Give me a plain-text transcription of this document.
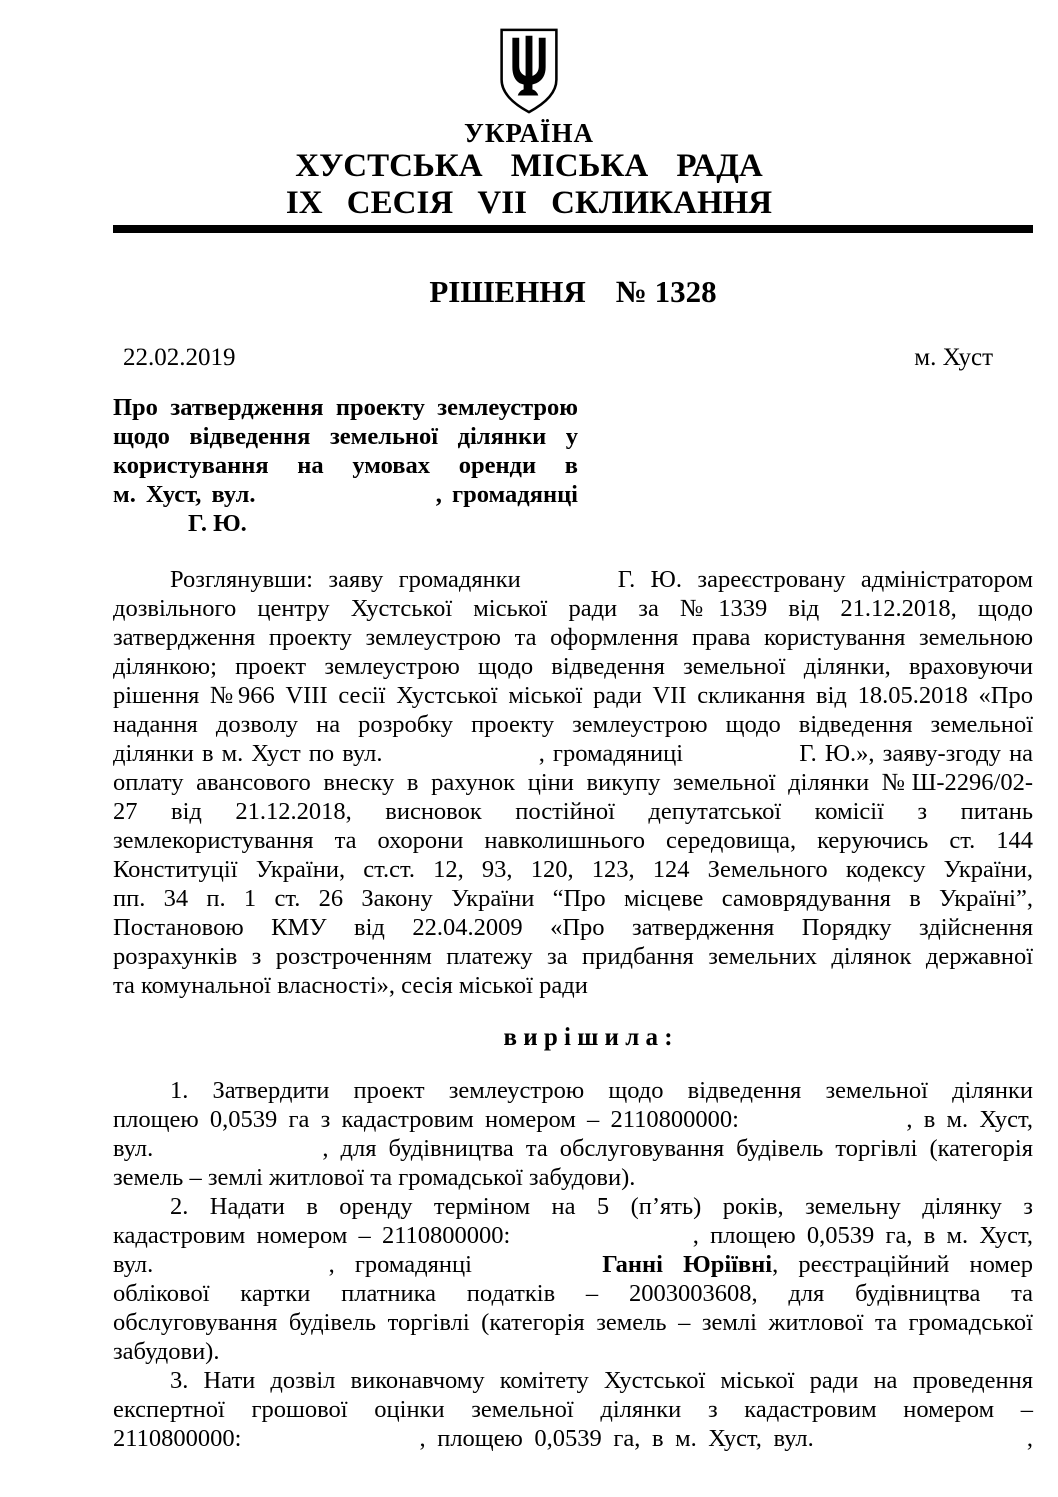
УКРАЇНА
ХУСТСЬКА МІСЬКА РАДА
IX СЕСІЯ VII СКЛИКАННЯ
РІШЕННЯ № 1328
22.02.2019	м. Хуст
Про затвердження проекту землеустрою
щодо відведення земельної ділянки у
користування на умовах оренди в
м. Хуст, вул.	, громадянці
Г. Ю.
Розглянувши: заяву громадянки	Г. Ю. зареєстровану адміністратором
дозвільного центру Хустської міської ради за №1339 від 21.12.2018, щодо
затвердження проекту землеустрою та оформлення права користування земельною
ділянкою; проект землеустрою щодо відведення земельної ділянки, враховуючи
рішення №966 VIII сесії Хустської міської ради VII скликання від 18.05.2018 «Про
надання дозволу на розробку проекту землеустрою щодо відведення земельної
ділянки в м. Хуст по вул.	, громадяниці	Г. Ю.», заяву-згоду на
оплату авансового внеску в рахунок ціни викупу земельної ділянки №Ш-2296/02-
27 від 21.12.2018, висновок постійної депутатської комісії з питань
землекористування та охорони навколишнього середовища, керуючись ст. 144
Конституції України, ст.ст. 12, 93, 120, 123, 124 Земельного кодексу України,
пп. 34 п. 1 ст. 26 Закону України “Про місцеве самоврядування в Україні”,
Постановою КМУ від 22.04.2009 «Про затвердження Порядку здійснення
розрахунків з розстроченням платежу за придбання земельних ділянок державної
та комунальної власності», сесія міської ради
в и р і ш и л а :
1. Затвердити проект землеустрою щодо відведення земельної ділянки
площею 0,0539 га з кадастровим номером – 2110800000:	, в м. Хуст,
вул.	, для будівництва та обслуговування будівель торгівлі (категорія
земель – землі житлової та громадської забудови).
2. Надати в оренду терміном на 5 (п’ять) років, земельну ділянку з
кадастровим номером – 2110800000:	, площею 0,0539 га, в м. Хуст,
вул.	, громадянці	Ганні Юріївні, реєстраційний номер
облікової картки платника податків – 2003003608, для будівництва та
обслуговування будівель торгівлі (категорія земель – землі житлової та громадської
забудови).
3. Нати дозвіл виконавчому комітету Хустської міської ради на проведення
експертної грошової оцінки земельної ділянки з кадастровим номером –
2110800000:	, площею 0,0539 га, в м. Хуст, вул.	,
